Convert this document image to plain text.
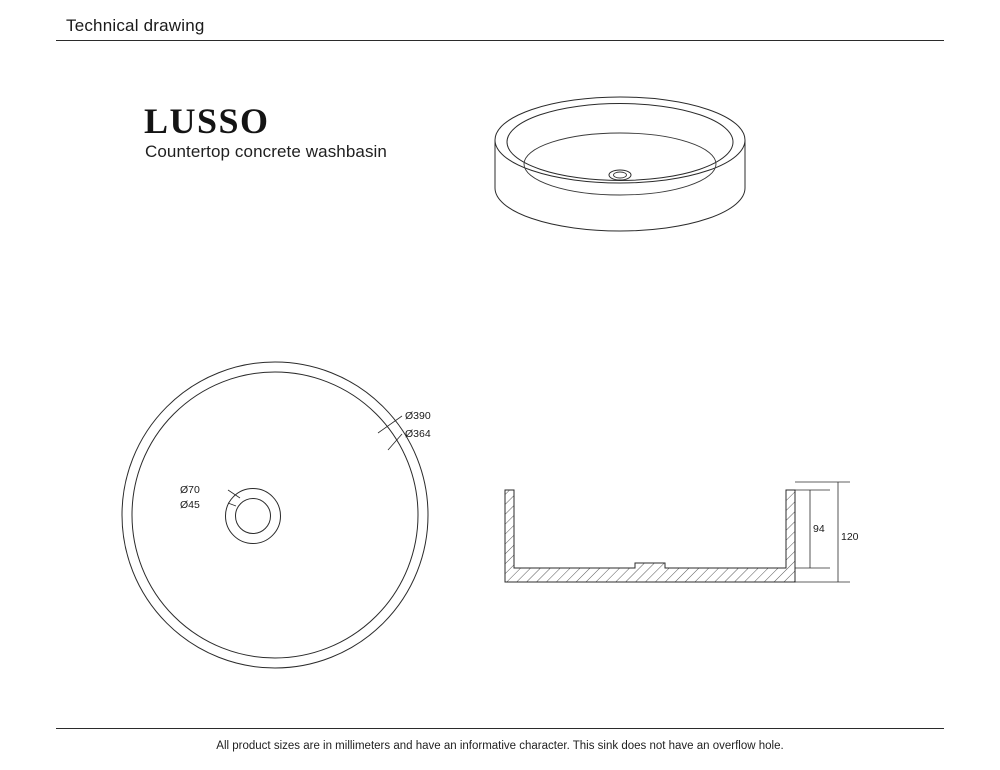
Technical drawing
LUSSO
Countertop concrete washbasin
Ø390
Ø364
Ø70
Ø45
94
120
All product sizes are in millimeters and have an informative character. This sink does not have an overflow hole.
